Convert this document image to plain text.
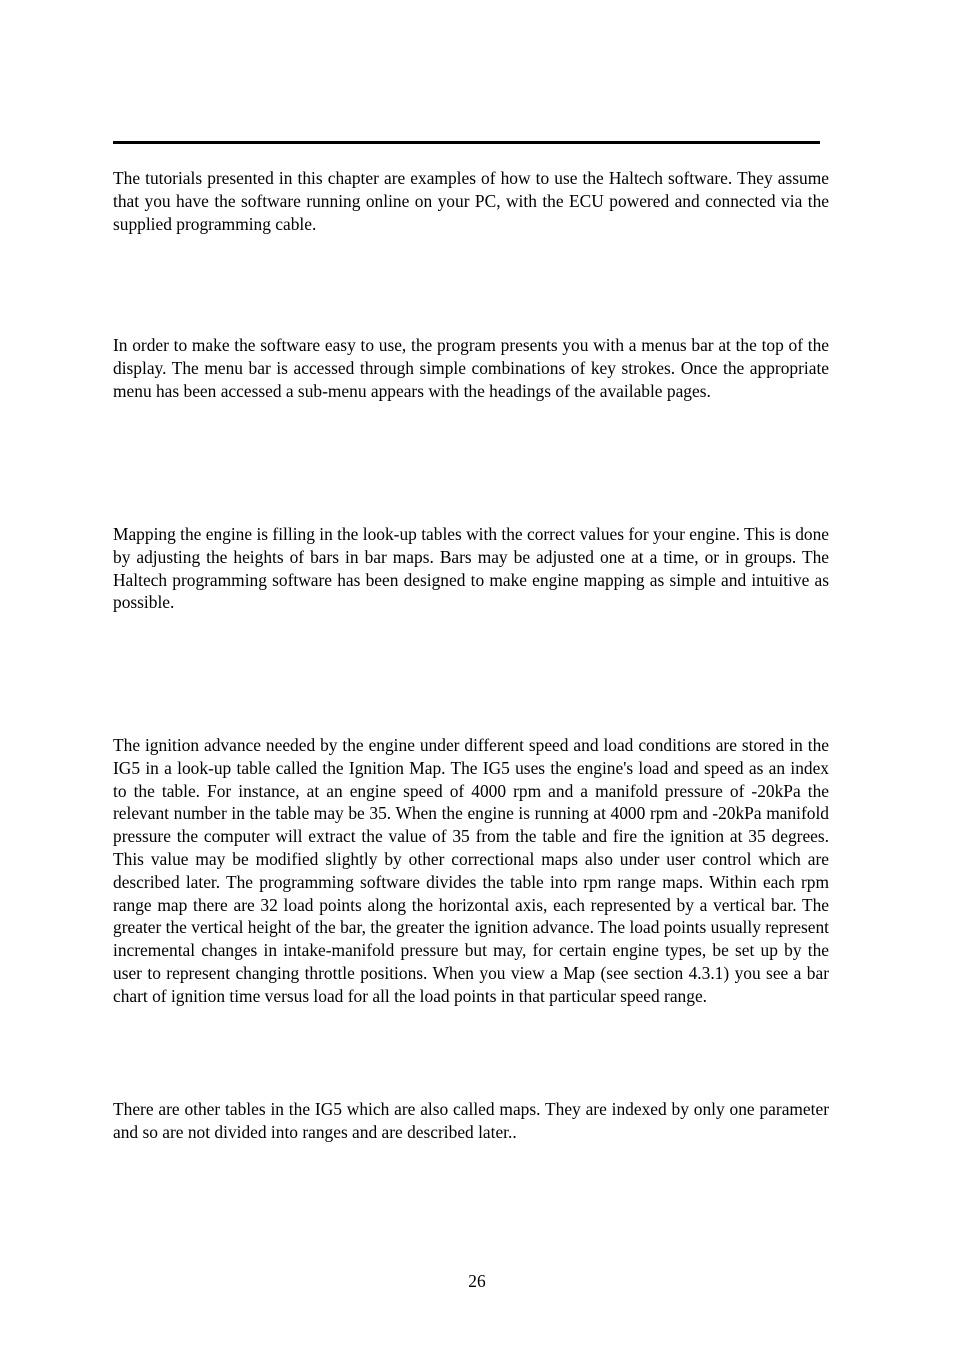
The tutorials presented in this chapter are examples of how to use the Haltech software. They assume that you have the software running online on your PC, with the ECU powered and connected via the supplied programming cable.

In order to make the software easy to use, the program presents you with a menus bar at the top of the display. The menu bar is accessed through simple combinations of key strokes. Once the appropriate menu has been accessed a sub-menu appears with the headings of the available pages.

Mapping the engine is filling in the look-up tables with the correct values for your engine. This is done by adjusting the heights of bars in bar maps. Bars may be adjusted one at a time, or in groups. The Haltech programming software has been designed to make engine mapping as simple and intuitive as possible.

The ignition advance needed by the engine under different speed and load conditions are stored in the IG5 in a look-up table called the Ignition Map. The IG5 uses the engine's load and speed as an index to the table. For instance, at an engine speed of 4000 rpm and a manifold pressure of -20kPa the relevant number in the table may be 35. When the engine is running at 4000 rpm and -20kPa manifold pressure the computer will extract the value of 35 from the table and fire the ignition at 35 degrees. This value may be modified slightly by other correctional maps also under user control which are described later. The programming software divides the table into rpm range maps. Within each rpm range map there are 32 load points along the horizontal axis, each represented by a vertical bar. The greater the vertical height of the bar, the greater the ignition advance. The load points usually represent incremental changes in intake-manifold pressure but may, for certain engine types, be set up by the user to represent changing throttle positions. When you view a Map (see section 4.3.1) you see a bar chart of ignition time versus load for all the load points in that particular speed range.

There are other tables in the IG5 which are also called maps. They are indexed by only one parameter and so are not divided into ranges and are described later..

26
